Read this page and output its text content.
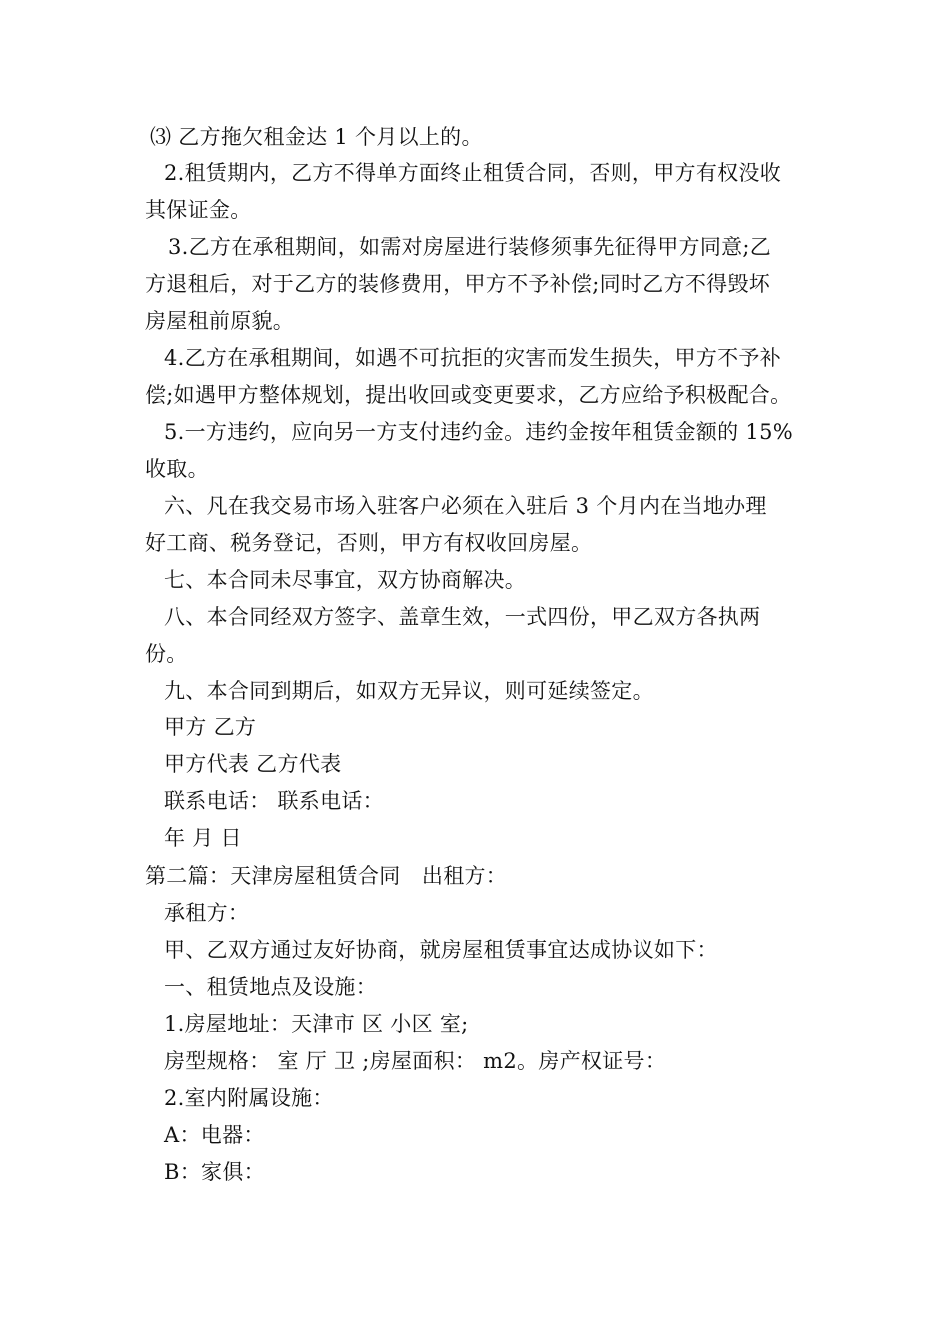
⑶ 乙方拖欠租金达 1 个月以上的。
2.租赁期内，乙方不得单方面终止租赁合同，否则，甲方有权没收
其保证金。
3.乙方在承租期间，如需对房屋进行装修须事先征得甲方同意;乙
方退租后，对于乙方的装修费用，甲方不予补偿;同时乙方不得毁坏
房屋租前原貌。
4.乙方在承租期间，如遇不可抗拒的灾害而发生损失，甲方不予补
偿;如遇甲方整体规划，提出收回或变更要求，乙方应给予积极配合。
5.一方违约，应向另一方支付违约金。违约金按年租赁金额的 15%
收取。
六、凡在我交易市场入驻客户必须在入驻后 3 个月内在当地办理
好工商、税务登记，否则，甲方有权收回房屋。
七、本合同未尽事宜，双方协商解决。
八、本合同经双方签字、盖章生效，一式四份，甲乙双方各执两
份。
九、本合同到期后，如双方无异议，则可延续签定。
甲方 乙方
甲方代表 乙方代表
联系电话： 联系电话：
年 月 日
第二篇：天津房屋租赁合同　出租方：
承租方：
甲、乙双方通过友好协商，就房屋租赁事宜达成协议如下：
一、租赁地点及设施：
1.房屋地址：天津市 区 小区 室;
房型规格： 室 厅 卫 ;房屋面积： m2。房产权证号：
2.室内附属设施：
A：电器：
B：家俱：
